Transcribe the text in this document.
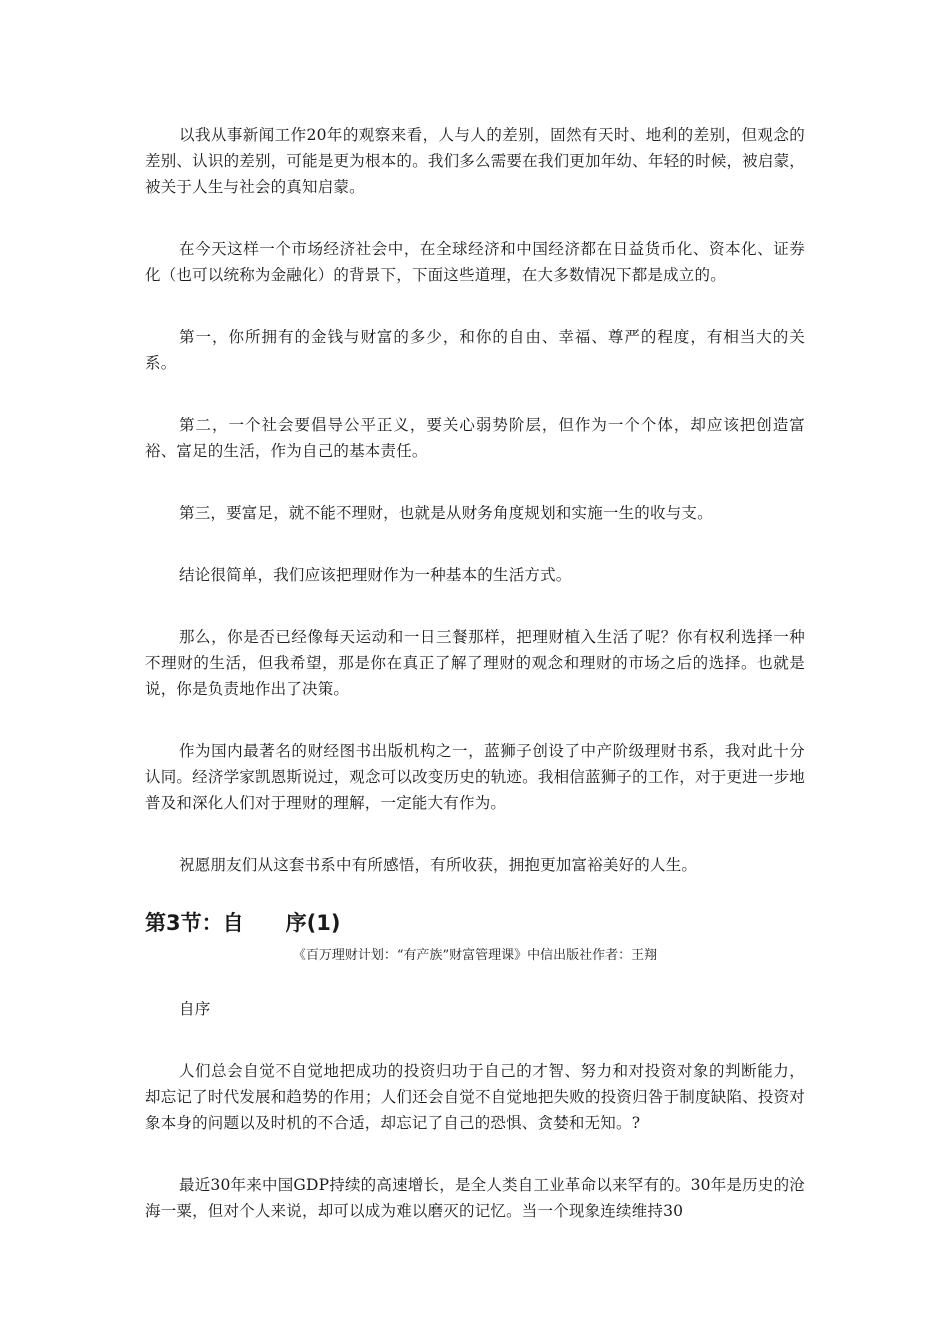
以我从事新闻工作20年的观察来看，人与人的差别，固然有天时、地利的差别，但观念的差别、认识的差别，可能是更为根本的。我们多么需要在我们更加年幼、年轻的时候，被启蒙，被关于人生与社会的真知启蒙。

在今天这样一个市场经济社会中，在全球经济和中国经济都在日益货币化、资本化、证券化（也可以统称为金融化）的背景下，下面这些道理，在大多数情况下都是成立的。

第一，你所拥有的金钱与财富的多少，和你的自由、幸福、尊严的程度，有相当大的关系。

第二，一个社会要倡导公平正义，要关心弱势阶层，但作为一个个体，却应该把创造富裕、富足的生活，作为自己的基本责任。

第三，要富足，就不能不理财，也就是从财务角度规划和实施一生的收与支。

结论很简单，我们应该把理财作为一种基本的生活方式。

那么，你是否已经像每天运动和一日三餐那样，把理财植入生活了呢？你有权利选择一种不理财的生活，但我希望，那是你在真正了解了理财的观念和理财的市场之后的选择。也就是说，你是负责地作出了决策。

作为国内最著名的财经图书出版机构之一，蓝狮子创设了中产阶级理财书系，我对此十分认同。经济学家凯恩斯说过，观念可以改变历史的轨迹。我相信蓝狮子的工作，对于更进一步地普及和深化人们对于理财的理解，一定能大有作为。

祝愿朋友们从这套书系中有所感悟，有所收获，拥抱更加富裕美好的人生。

第3节：自　　序(1)

《百万理财计划：“有产族”财富管理课》中信出版社作者：王翔

自序

人们总会自觉不自觉地把成功的投资归功于自己的才智、努力和对投资对象的判断能力，却忘记了时代发展和趋势的作用；人们还会自觉不自觉地把失败的投资归咎于制度缺陷、投资对象本身的问题以及时机的不合适，却忘记了自己的恐惧、贪婪和无知。?

最近30年来中国GDP持续的高速增长，是全人类自工业革命以来罕有的。30年是历史的沧海一粟，但对个人来说，却可以成为难以磨灭的记忆。当一个现象连续维持30
